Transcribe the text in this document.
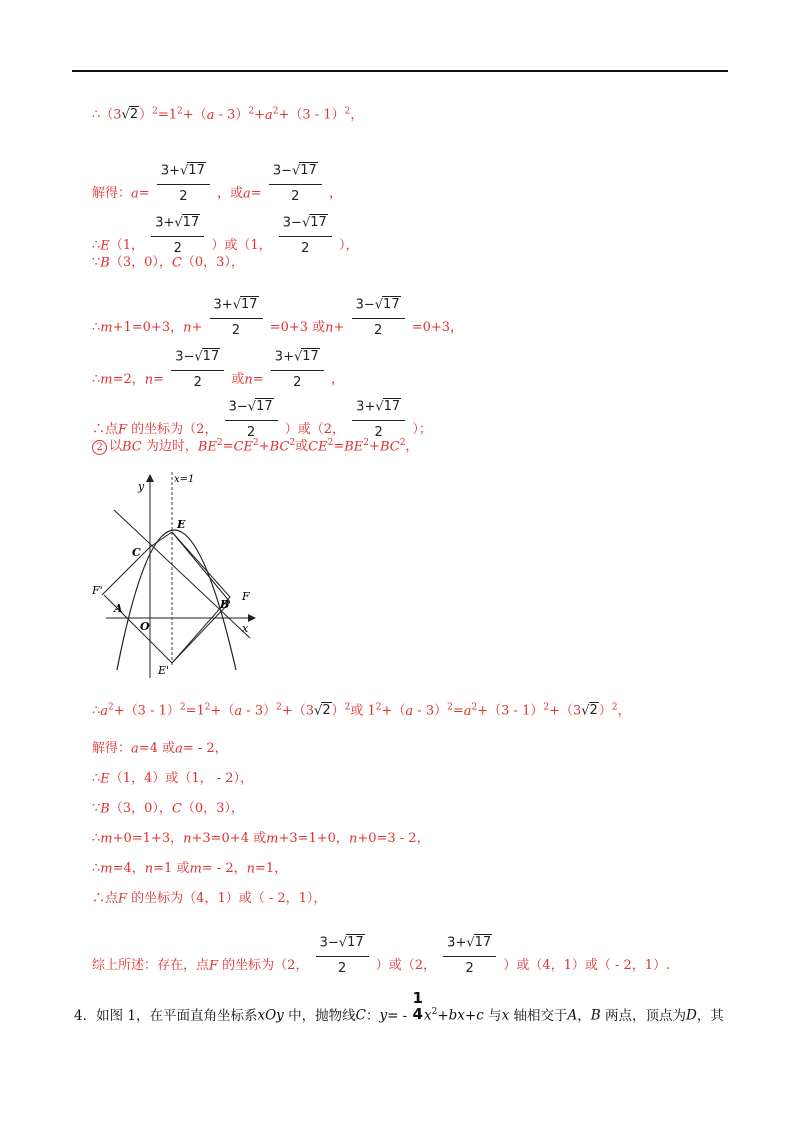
$\therefore(3√2)^2=1^2+(a - 3)^2+a^2+(3 - 1)^2$，
解得：$a= \frac{3+√17}{2}$ ，或$a= \frac{3-√17}{2}$ ，
∴E（1， $\frac{3+√17}{2}$ ）或（1， $\frac{3-√17}{2}$ ），
∵B（3，0），C（0，3），
∴m+1=0+3，$n+ \frac{3+√17}{2} =0+3$ 或$n+ \frac{3-√17}{2} =0+3$，
∴m=2，$n= \frac{3-√17}{2}$ 或$n= \frac{3+√17}{2}$ ，
∴点F 的坐标为（2， $\frac{3-√17}{2}$ ）或（2， $\frac{3+√17}{2}$ ）；
2 以BC 为边时，$BE^2=CE^2+BC^2$或$CE^2=BE^2+BC^2$，
y
x
x=1
E
C
F'
A
O
B
F
E'
$\therefore a^2+(3 - 1)^2=1^2+(a - 3)^2+(3√2)^2$或 $1^2+(a - 3)^2=a^2+(3 - 1)^2+(3√2)^2$，
解得：a=4 或a= - 2，
∴E（1，4）或（1， - 2），
∵B（3，0），C（0，3），
∴m+0=1+3，n+3=0+4 或m+3=1+0，n+0=3 - 2，
∴m=4，n=1 或m= - 2，n=1，
∴点F 的坐标为（4，1）或（ - 2，1），
综上所述：存在，点F 的坐标为（2， $\frac{3-√17}{2}$ ）或（2， $\frac{3+√17}{2}$ ）或（4，1）或（ - 2，1）.
4．如图 1，在平面直角坐标系xOy 中，抛物线C：y= -
1
4 $x^2+bx+c$ 与x 轴相交于A，B 两点，顶点为D，其
